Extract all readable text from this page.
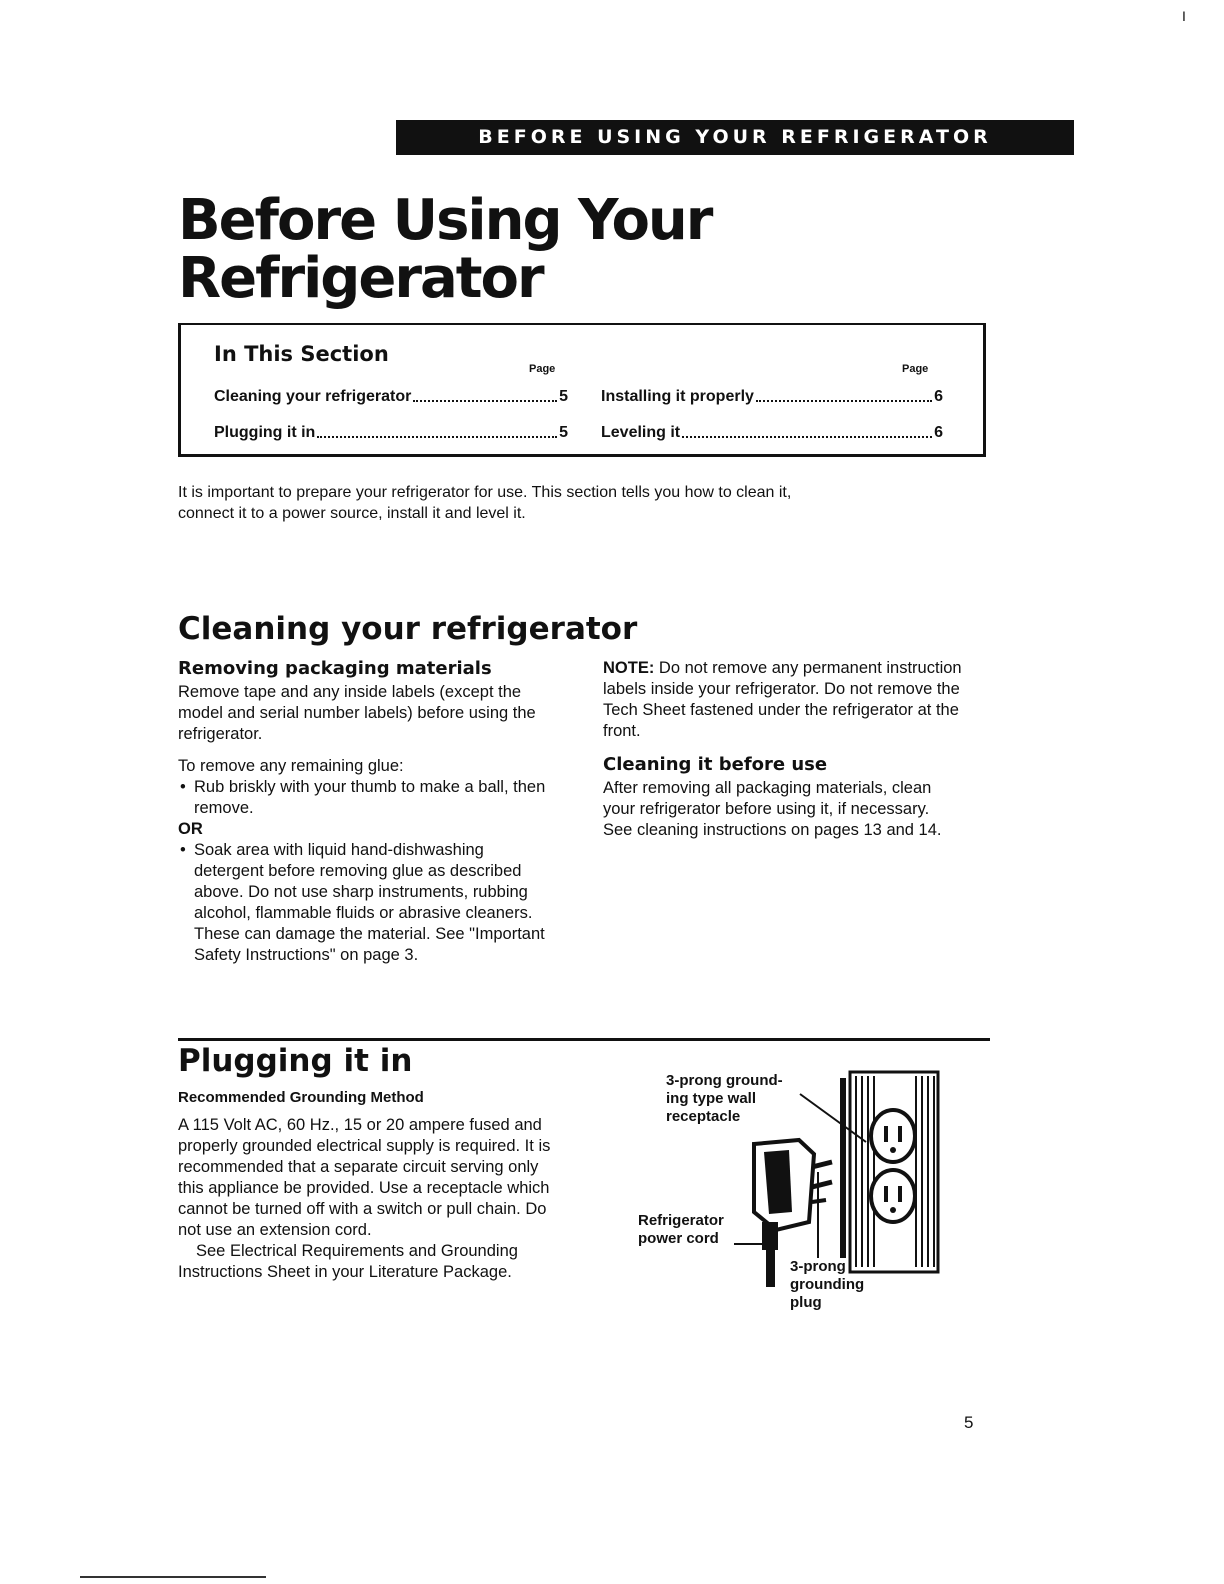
BEFORE USING YOUR REFRIGERATOR
I
Before Using Your
Refrigerator
In This Section
Page	Page
Cleaning your refrigerator	5
Plugging it in	5
Installing it properly	6
Leveling it	6
It is important to prepare your refrigerator for use. This section tells you how to clean it,
connect it to a power source, install it and level it.
Cleaning your refrigerator
Removing packaging materials
Remove tape and any inside labels (except the model and serial number labels) before using the refrigerator.
To remove any remaining glue:
• Rub briskly with your thumb to make a ball, then remove.
OR
• Soak area with liquid hand-dishwashing detergent before removing glue as described above. Do not use sharp instruments, rubbing alcohol, flammable fluids or abrasive cleaners. These can damage the material. See "Important Safety Instructions" on page 3.
NOTE: Do not remove any permanent instruction labels inside your refrigerator. Do not remove the Tech Sheet fastened under the refrigerator at the front.
Cleaning it before use
After removing all packaging materials, clean your refrigerator before using it, if necessary. See cleaning instructions on pages 13 and 14.
Plugging it in
Recommended Grounding Method
A 115 Volt AC, 60 Hz., 15 or 20 ampere fused and properly grounded electrical supply is required. It is recommended that a separate circuit serving only this appliance be provided. Use a receptacle which cannot be turned off with a switch or pull chain. Do not use an extension cord.
See Electrical Requirements and Grounding Instructions Sheet in your Literature Package.
3-prong ground-
ing type wall
receptacle
Refrigerator
power cord
3-prong
grounding
plug
5
